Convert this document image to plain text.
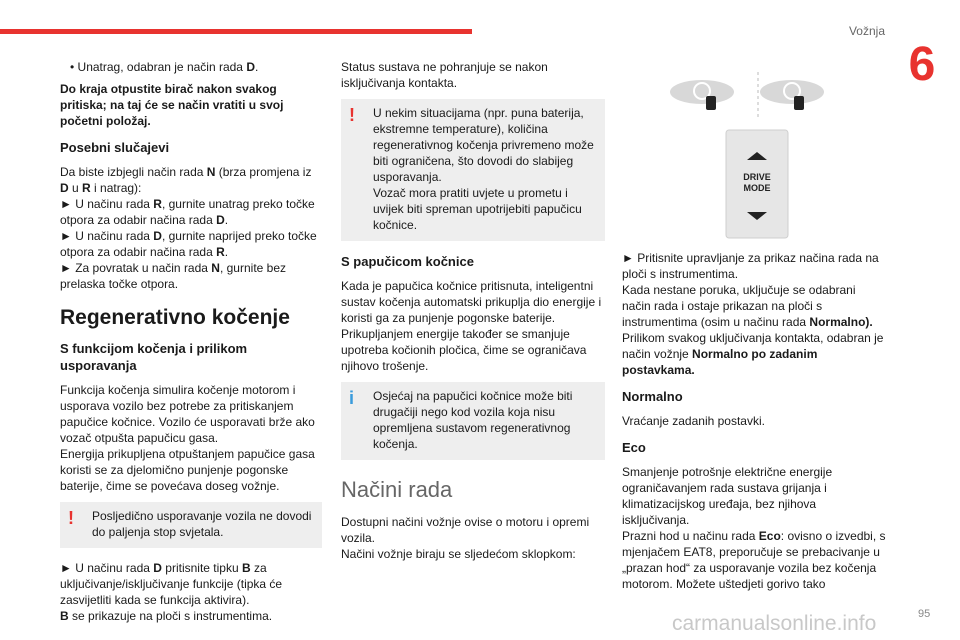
Vožnja
6

• Unatrag, odabran je način rada D.

Do kraja otpustite birač nakon svakog pritiska; na taj će se način vratiti u svoj početni položaj.

Posebni slučajevi

Da biste izbjegli način rada N (brza promjena iz D u R i natrag):

► U načinu rada R, gurnite unatrag preko točke otpora za odabir načina rada D.

► U načinu rada D, gurnite naprijed preko točke otpora za odabir načina rada R.

► Za povratak u način rada N, gurnite bez prelaska točke otpora.

Regenerativno kočenje
S funkcijom kočenja i prilikom usporavanja

Funkcija kočenja simulira kočenje motorom i usporava vozilo bez potrebe za pritiskanjem papučice kočnice. Vozilo će usporavati brže ako vozač otpušta papučicu gasa.

Energija prikupljena otpuštanjem papučice gasa koristi se za djelomično punjenje pogonske baterije, čime se povećava doseg vožnje.

! Posljedično usporavanje vozila ne dovodi do paljenja stop svjetala.

► U načinu rada D pritisnite tipku B za uključivanje/isključivanje funkcije (tipka će zasvijetliti kada se funkcija aktivira).

B se prikazuje na ploči s instrumentima.

Status sustava ne pohranjuje se nakon isključivanja kontakta.

! U nekim situacijama (npr. puna baterija, ekstremne temperature), količina regenerativnog kočenja privremeno može biti ograničena, što dovodi do slabijeg usporavanja.
Vozač mora pratiti uvjete u prometu i uvijek biti spreman upotrijebiti papučicu kočnice.
S papučicom kočnice

Kada je papučica kočnice pritisnuta, inteligentni sustav kočenja automatski prikuplja dio energije i koristi ga za punjenje pogonske baterije.

Prikupljanjem energije također se smanjuje upotreba kočionih pločica, čime se ograničava njihovo trošenje.

i Osjećaj na papučici kočnice može biti drugačiji nego kod vozila koja nisu opremljena sustavom regenerativnog kočenja.
Načini rada

Dostupni načini vožnje ovise o motoru i opremi vozila.

Načini vožnje biraju se sljedećom sklopkom:

DRIVE
MODE

► Pritisnite upravljanje za prikaz načina rada na ploči s instrumentima.

Kada nestane poruka, uključuje se odabrani način rada i ostaje prikazan na ploči s instrumentima (osim u načinu rada Normalno).

Prilikom svakog uključivanja kontakta, odabran je način vožnje Normalno po zadanim postavkama.

Normalno

Vraćanje zadanih postavki.

Eco

Smanjenje potrošnje električne energije ograničavanjem rada sustava grijanja i klimatizacijskog uređaja, bez njihova isključivanja.

Prazni hod u načinu rada Eco: ovisno o izvedbi, s mjenjačem EAT8, preporučuje se prebacivanje u „prazan hod“ za usporavanje vozila bez kočenja motorom. Možete uštedjeti gorivo tako

carmanualsonline.info	95
